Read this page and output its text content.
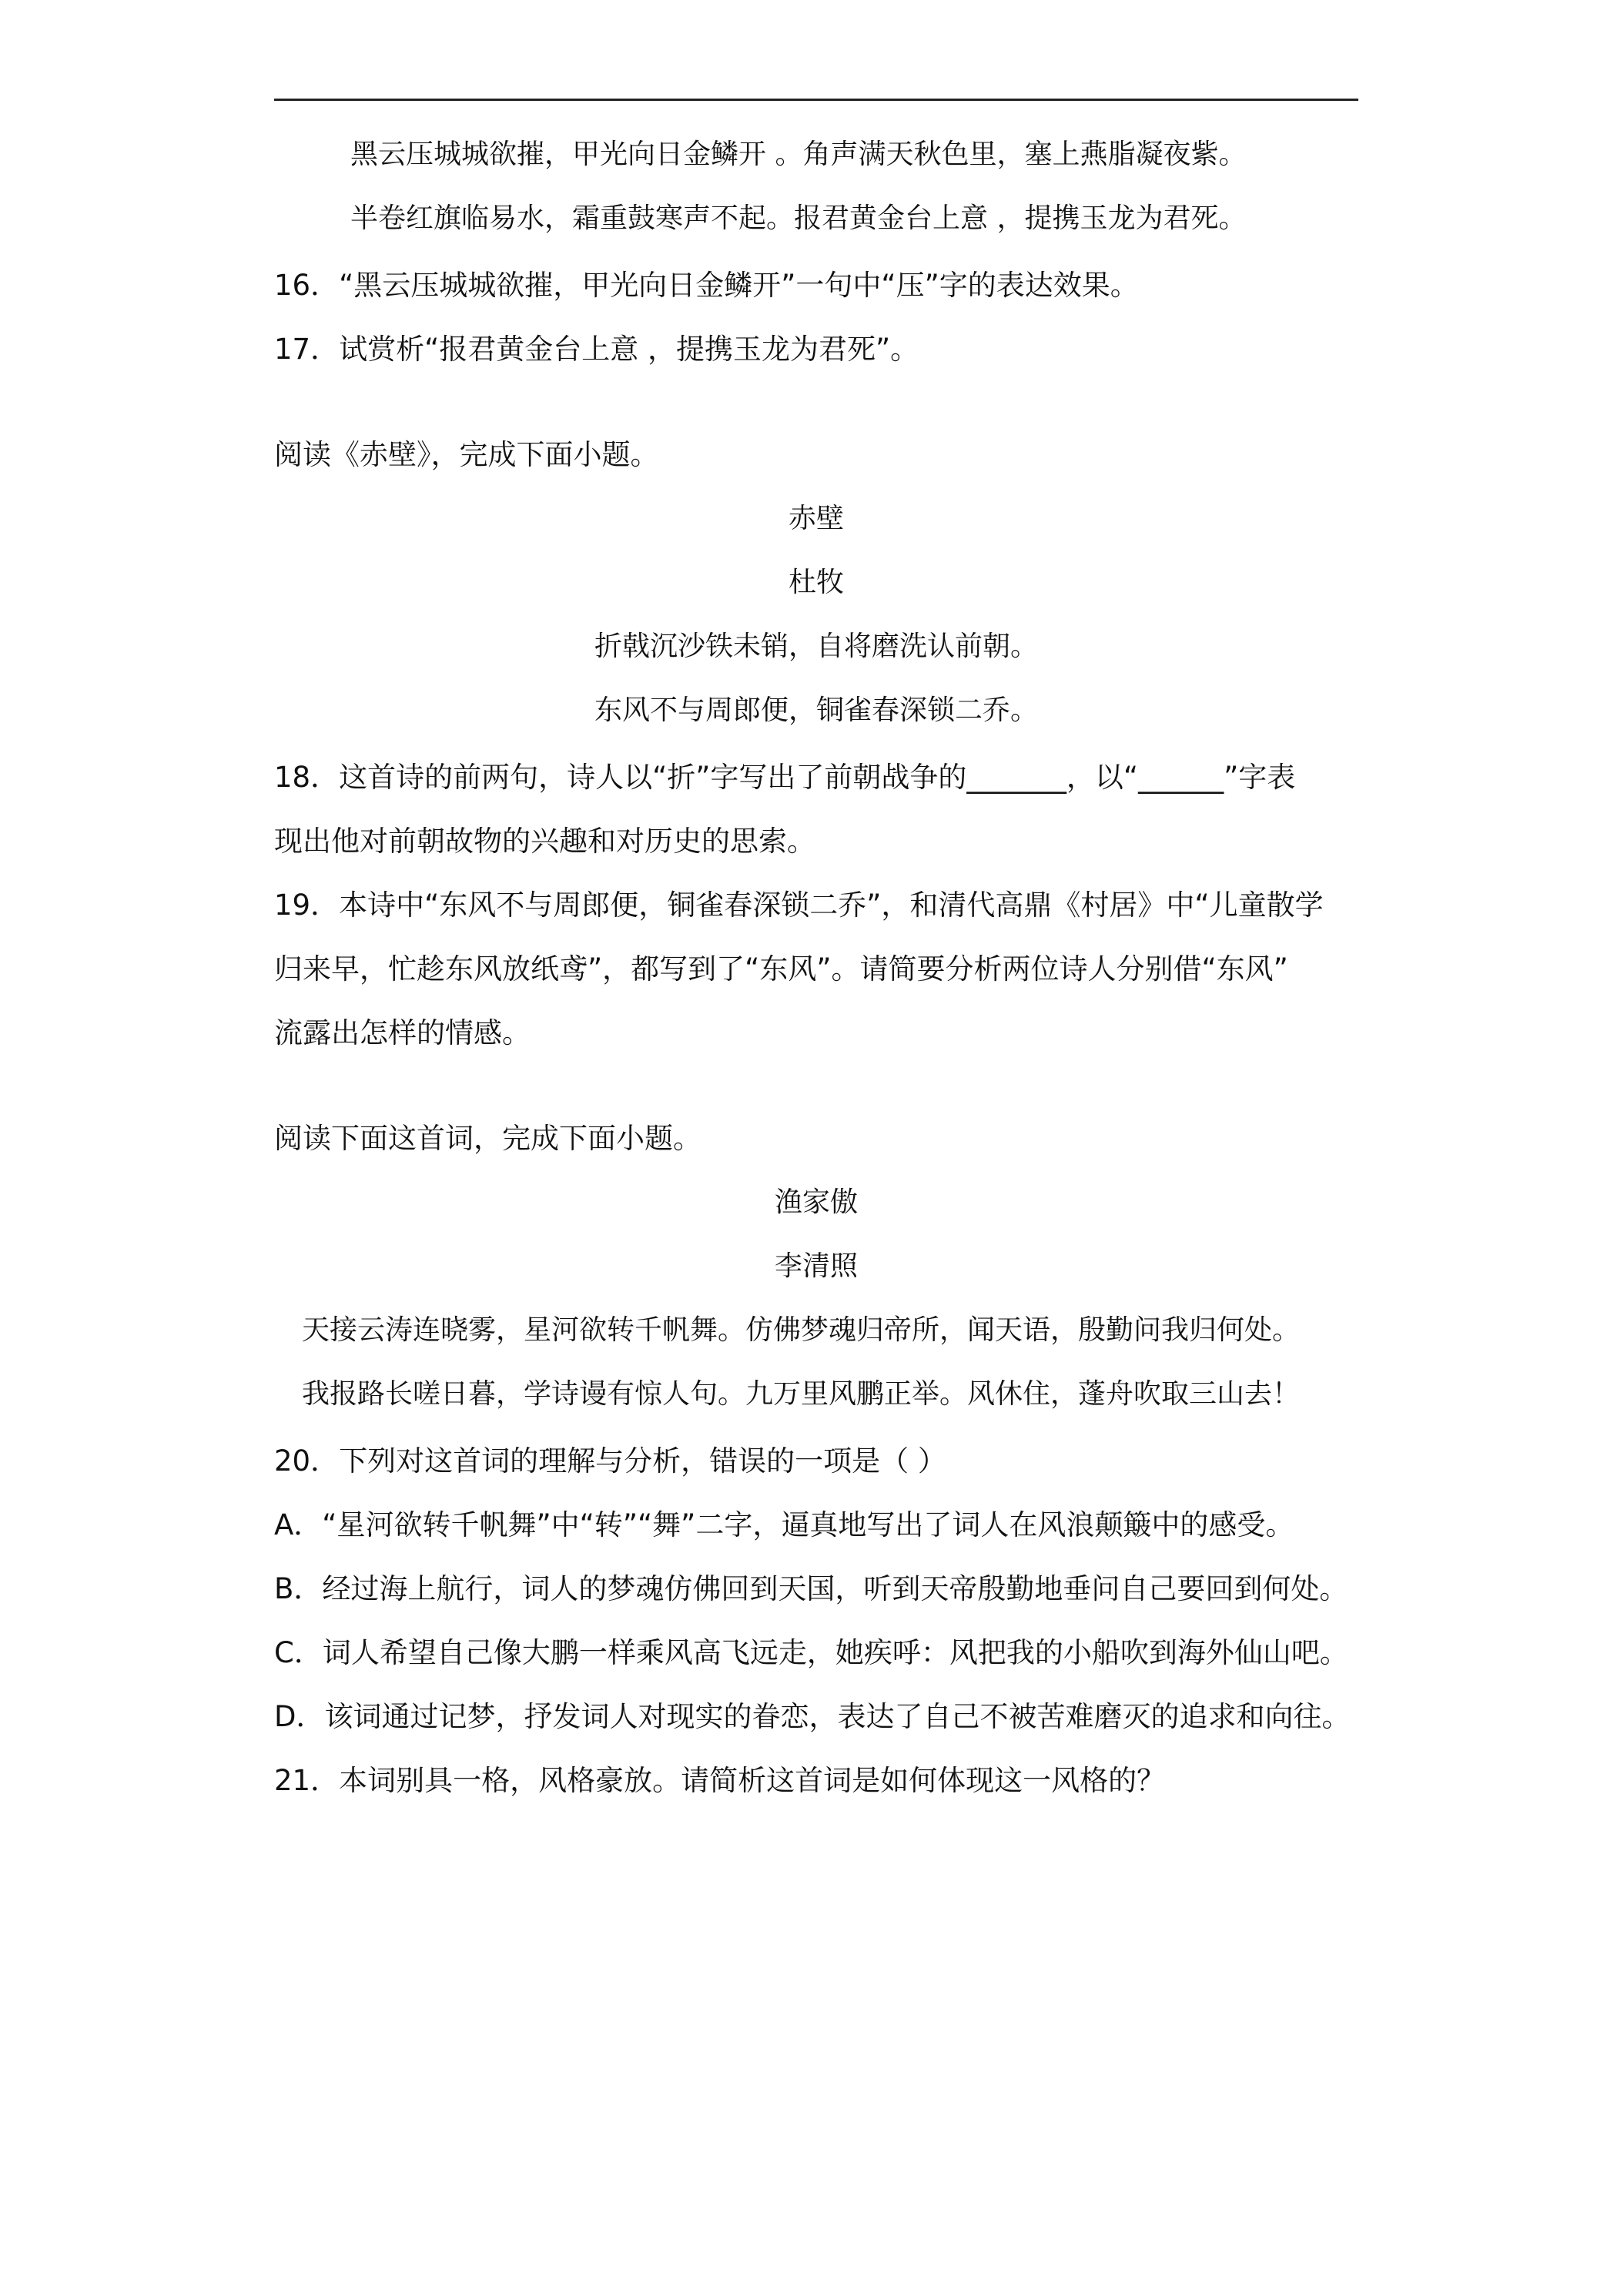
黑云压城城欲摧，甲光向日金鳞开 。角声满天秋色里，塞上燕脂凝夜紫。
半卷红旗临易水，霜重鼓寒声不起。报君黄金台上意 ，提携玉龙为君死。
16．“黑云压城城欲摧，甲光向日金鳞开”一句中“压”字的表达效果。
17．试赏析“报君黄金台上意 ，提携玉龙为君死”。
阅读《赤壁》，完成下面小题。
赤壁
杜牧
折戟沉沙铁未销，自将磨洗认前朝。
东风不与周郎便，铜雀春深锁二乔。
18．这首诗的前两句，诗人以“折”字写出了前朝战争的_______，以“______”字表
现出他对前朝故物的兴趣和对历史的思索。
19．本诗中“东风不与周郎便，铜雀春深锁二乔”，和清代高鼎《村居》中“儿童散学
归来早，忙趁东风放纸鸢”，都写到了“东风”。请简要分析两位诗人分别借“东风”
流露出怎样的情感。
阅读下面这首词，完成下面小题。
渔家傲
李清照
天接云涛连晓雾，星河欲转千帆舞。仿佛梦魂归帝所，闻天语，殷勤问我归何处。
我报路长嗟日暮，学诗谩有惊人句。九万里风鹏正举。风休住，蓬舟吹取三山去！
20．下列对这首词的理解与分析，错误的一项是（ ）
A．“星河欲转千帆舞”中“转”“舞”二字，逼真地写出了词人在风浪颠簸中的感受。
B．经过海上航行，词人的梦魂仿佛回到天国，听到天帝殷勤地垂问自己要回到何处。
C．词人希望自己像大鹏一样乘风高飞远走，她疾呼：风把我的小船吹到海外仙山吧。
D．该词通过记梦，抒发词人对现实的眷恋，表达了自己不被苦难磨灭的追求和向往。
21．本词别具一格，风格豪放。请简析这首词是如何体现这一风格的？
